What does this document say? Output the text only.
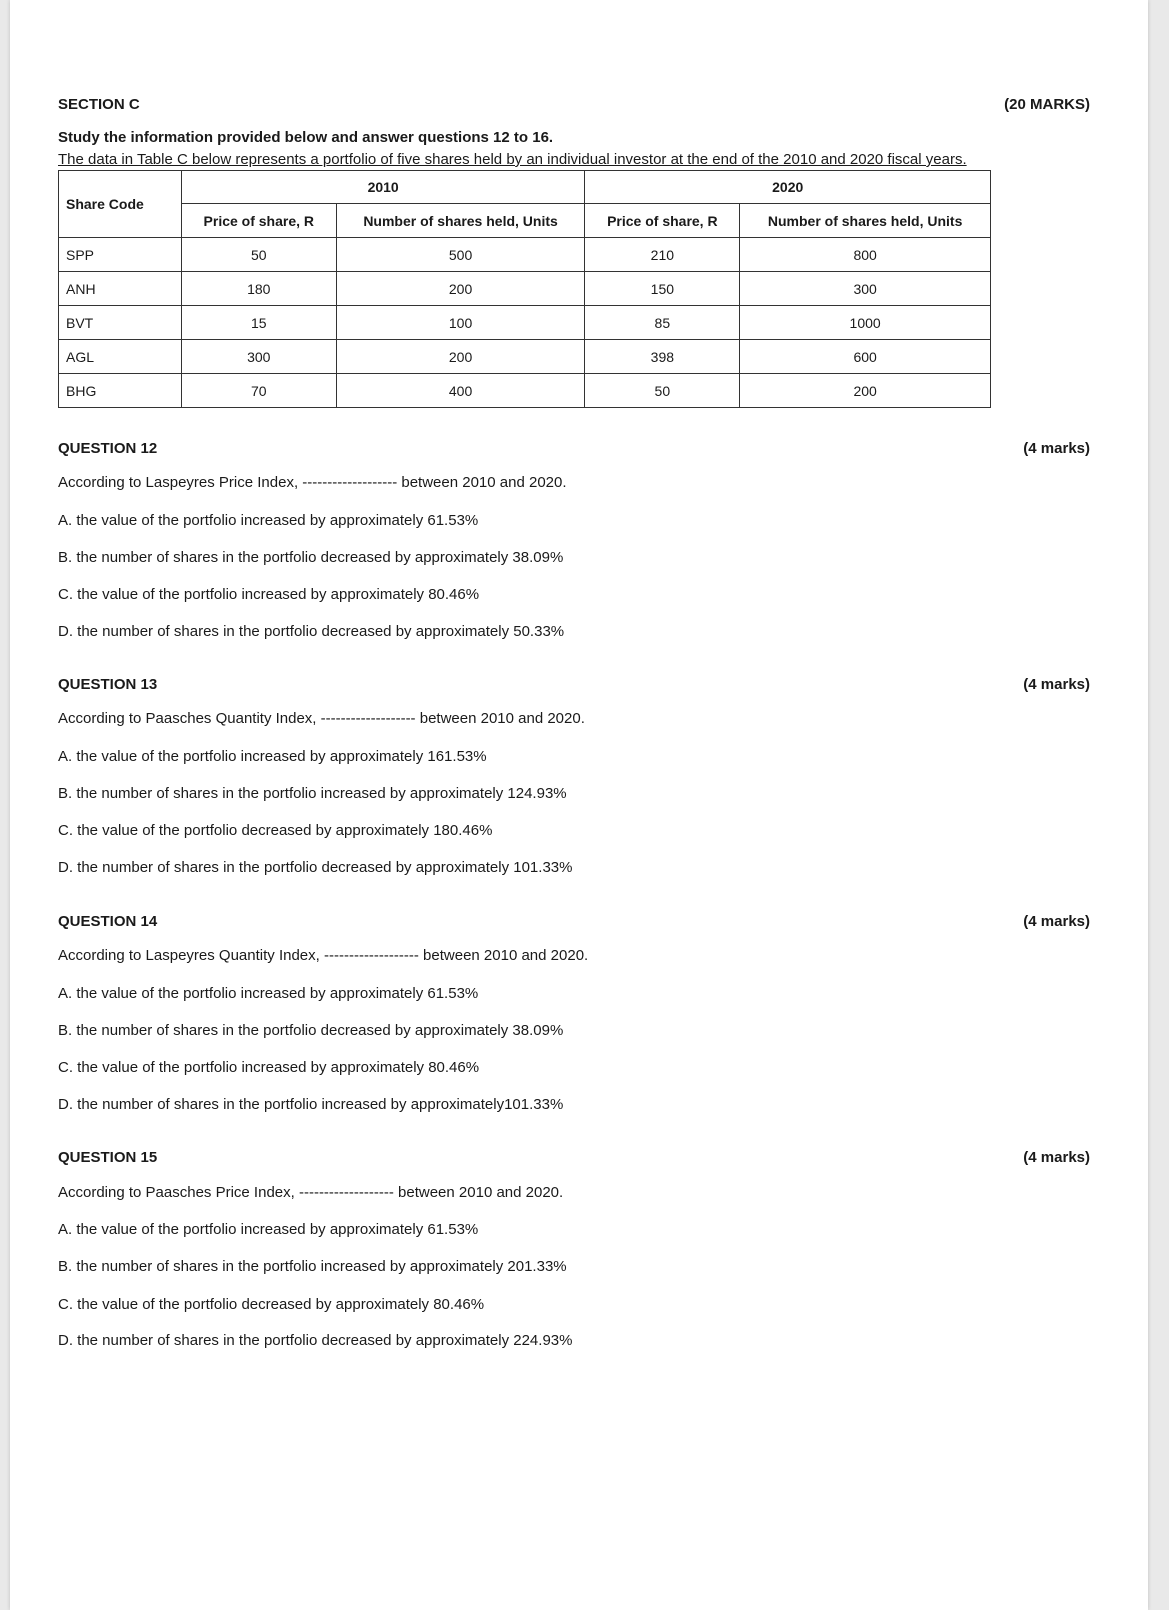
SECTION C	(20 MARKS)
Study the information provided below and answer questions 12 to 16.
The data in Table C below represents a portfolio of five shares held by an individual investor at the end of the 2010 and 2020 fiscal years.
Share Code	2010		2020	
	Price of share, R	Number of shares held, Units	Price of share, R	Number of shares held, Units
SPP	50	500	210	800
ANH	180	200	150	300
BVT	15	100	85	1000
AGL	300	200	398	600
BHG	70	400	50	200
QUESTION 12	(4 marks)
According to Laspeyres Price Index, ------------------- between 2010 and 2020.
A. the value of the portfolio increased by approximately 61.53%
B. the number of shares in the portfolio decreased by approximately 38.09%
C. the value of the portfolio increased by approximately 80.46%
D. the number of shares in the portfolio decreased by approximately 50.33%
QUESTION 13	(4 marks)
According to Paasches Quantity Index, ------------------- between 2010 and 2020.
A. the value of the portfolio increased by approximately 161.53%
B. the number of shares in the portfolio increased by approximately 124.93%
C. the value of the portfolio decreased by approximately 180.46%
D. the number of shares in the portfolio decreased by approximately 101.33%
QUESTION 14	(4 marks)
According to Laspeyres Quantity Index, ------------------- between 2010 and 2020.
A. the value of the portfolio increased by approximately 61.53%
B. the number of shares in the portfolio decreased by approximately 38.09%
C. the value of the portfolio increased by approximately 80.46%
D. the number of shares in the portfolio increased by approximately101.33%
QUESTION 15	(4 marks)
According to Paasches Price Index, ------------------- between 2010 and 2020.
A. the value of the portfolio increased by approximately 61.53%
B. the number of shares in the portfolio increased by approximately 201.33%
C. the value of the portfolio decreased by approximately 80.46%
D. the number of shares in the portfolio decreased by approximately 224.93%
